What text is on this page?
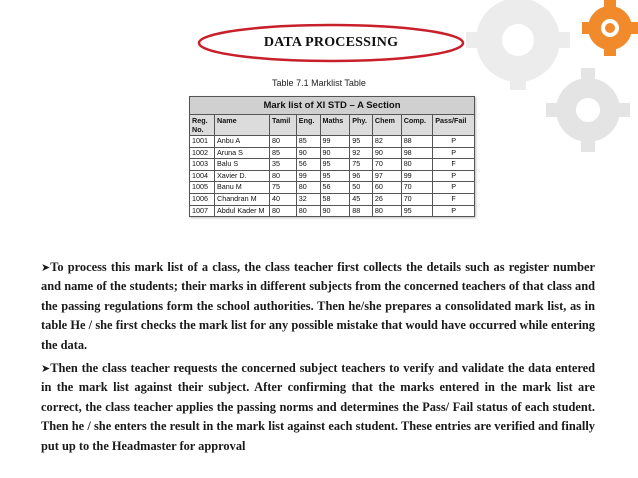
DATA PROCESSING
Table 7.1 Marklist Table
Mark list of XI STD – A Section								
Reg. No.	Name	Tamil	Eng.	Maths	Phy.	Chem	Comp.	Pass/Fail
1001	Anbu A	80	85	99	95	82	88	P
1002	Aruna S	85	90	90	92	90	98	P
1003	Balu S	35	56	95	75	70	80	F
1004	Xavier D.	80	99	95	96	97	99	P
1005	Banu M	75	80	56	50	60	70	P
1006	Chandran M	40	32	58	45	26	70	F
1007	Abdul Kader M	80	80	90	88	80	95	P
➤To process this mark list of a class, the class teacher first collects the details such as register number and name of the students; their marks in different subjects from the concerned teachers of that class and the passing regulations form the school authorities. Then he/she prepares a consolidated mark list, as in table He / she first checks the mark list for any possible mistake that would have occurred while entering the data.
➤Then the class teacher requests the concerned subject teachers to verify and validate the data entered in the mark list against their subject. After confirming that the marks entered in the mark list are correct, the class teacher applies the passing norms and determines the Pass/ Fail status of each student. Then he / she enters the result in the mark list against each student. These entries are verified and finally put up to the Headmaster for approval
